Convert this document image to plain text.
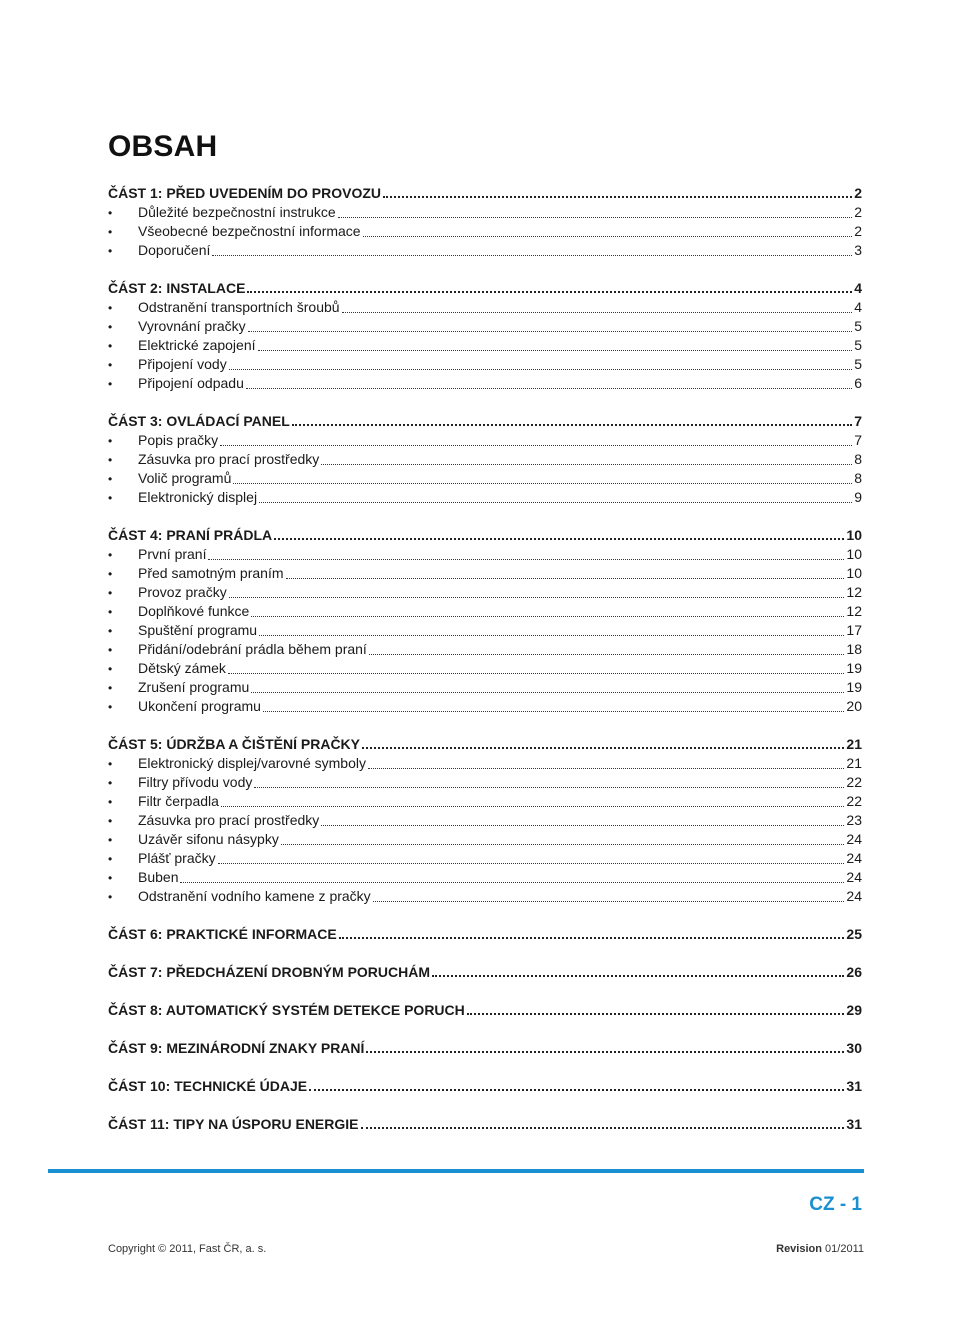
OBSAH
ČÁST 1: PŘED UVEDENÍM DO PROVOZU	2
•	Důležité bezpečnostní instrukce	2
•	Všeobecné bezpečnostní informace	2
•	Doporučení	3
ČÁST 2: INSTALACE	4
•	Odstranění transportních šroubů	4
•	Vyrovnání pračky	5
•	Elektrické zapojení	5
•	Připojení vody	5
•	Připojení odpadu	6
ČÁST 3: OVLÁDACÍ PANEL	7
•	Popis pračky	7
•	Zásuvka pro prací prostředky	8
•	Volič programů	8
•	Elektronický displej	9
ČÁST 4: PRANÍ PRÁDLA	10
•	První praní	10
•	Před samotným praním	10
•	Provoz pračky	12
•	Doplňkové funkce	12
•	Spuštění programu	17
•	Přidání/odebrání prádla během praní	18
•	Dětský zámek	19
•	Zrušení programu	19
•	Ukončení programu	20
ČÁST 5: ÚDRŽBA A ČIŠTĚNÍ PRAČKY	21
•	Elektronický displej/varovné symboly	21
•	Filtry přívodu vody	22
•	Filtr čerpadla	22
•	Zásuvka pro prací prostředky	23
•	Uzávěr sifonu násypky	24
•	Plášť pračky	24
•	Buben	24
•	Odstranění vodního kamene z pračky	24
ČÁST 6: PRAKTICKÉ INFORMACE	25
ČÁST 7: PŘEDCHÁZENÍ DROBNÝM PORUCHÁM	26
ČÁST 8: AUTOMATICKÝ SYSTÉM DETEKCE PORUCH	29
ČÁST 9: MEZINÁRODNÍ ZNAKY PRANÍ	30
ČÁST 10: TECHNICKÉ ÚDAJE	31
ČÁST 11: TIPY NA ÚSPORU ENERGIE	31
CZ - 1
Copyright © 2011, Fast ČR, a. s.	Revision 01/2011
